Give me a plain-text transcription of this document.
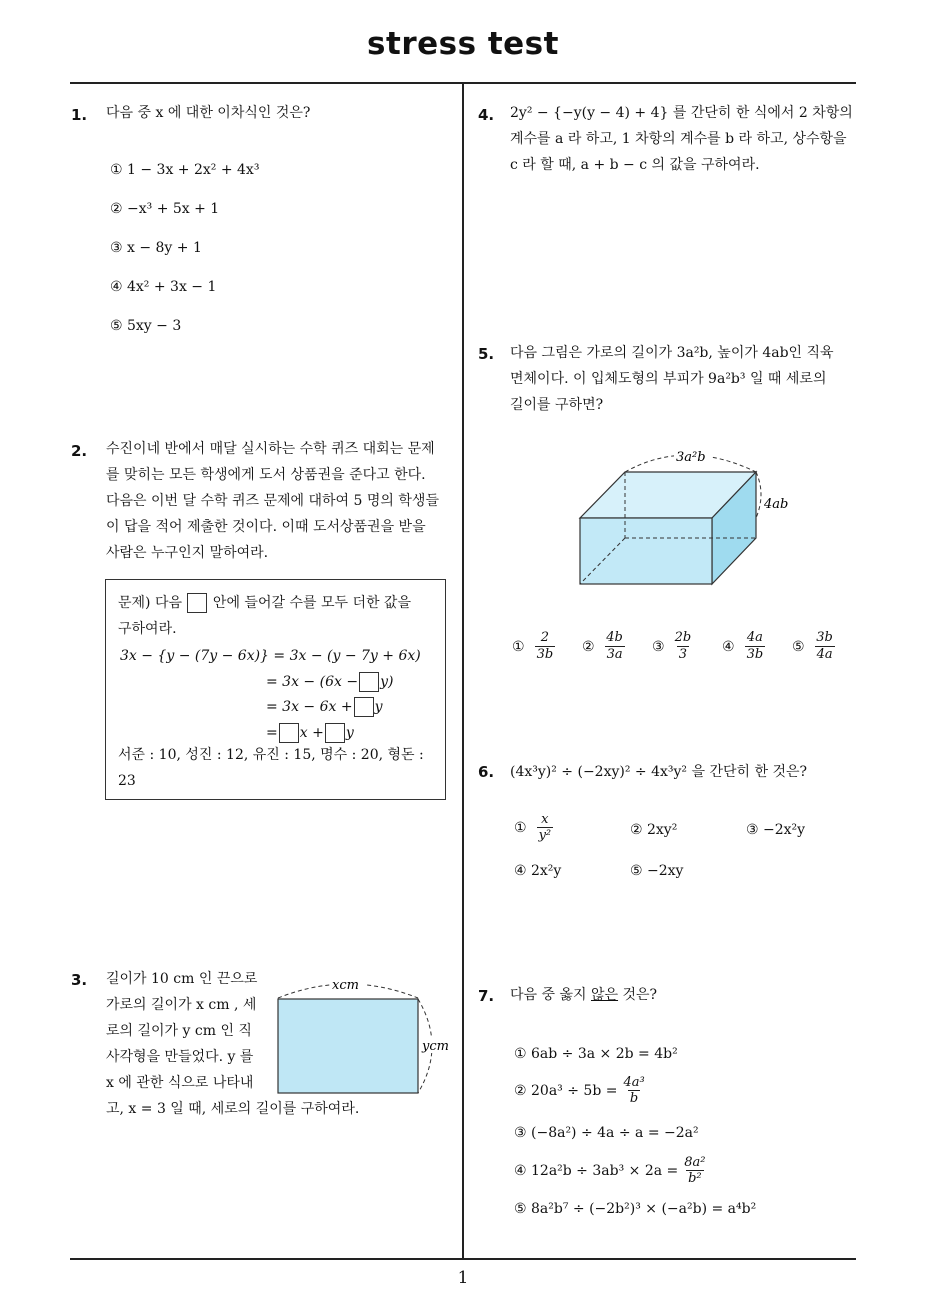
stress test
1
1. 다음 중 x 에 대한 이차식인 것은?
① 1 − 3x + 2x² + 4x³
② −x³ + 5x + 1
③ x − 8y + 1
④ 4x² + 3x − 1
⑤ 5xy − 3
2. 수진이네 반에서 매달 실시하는 수학 퀴즈 대회는 문제
를 맞히는 모든 학생에게 도서 상품권을 준다고 한다.
다음은 이번 달 수학 퀴즈 문제에 대하여 5 명의 학생들
이 답을 적어 제출한 것이다. 이때 도서상품권을 받을
사람은 누구인지 말하여라.
문제) 다음 안에 들어갈 수를 모두 더한 값을
구하여라.
3x − {y − (7y − 6x)} = 3x − (y − 7y + 6x)
= 3x − (6x − y)
= 3x − 6x + y
= x + y
서준 : 10, 성진 : 12, 유진 : 15, 명수 : 20, 형돈 :
23
3. 길이가 10 cm 인 끈으로
가로의 길이가 x cm , 세
로의 길이가 y cm 인 직
사각형을 만들었다. y 를
x 에 관한 식으로 나타내
고, x = 3 일 때, 세로의 길이를 구하여라.
xcm
ycm
4. 2y² − {−y(y − 4) + 4} 를 간단히 한 식에서 2 차항의
계수를 a 라 하고, 1 차항의 계수를 b 라 하고, 상수항을
c 라 할 때, a + b − c 의 값을 구하여라.
5. 다음 그림은 가로의 길이가 3a²b, 높이가 4ab인 직육
면체이다. 이 입체도형의 부피가 9a²b³ 일 때 세로의
길이를 구하면?
3a²b
4ab
① $\frac{2}{3b}$ ② $\frac{4b}{3a}$ ③ $\frac{2b}{3}$ ④ $\frac{4a}{3b}$ ⑤ $\frac{3b}{4a}$
6. (4x³y)² ÷ (−2xy)² ÷ 4x³y² 을 간단히 한 것은?
① $\frac{x}{\text{y²}}$	② 2xy²	③ −2x²y
④ 2x²y	⑤ −2xy
7. 다음 중 옳지 않은 것은?
① 6ab ÷ 3a × 2b = 4b²
② $20a^3 \div 5b = \frac{\text{4a³}}{b}$
③ (−8a²) ÷ 4a ÷ a = −2a²
④ $12a^2b \div 3ab^3 \times 2a = \frac{\text{8a²}}{\text{b²}}$
⑤ 8a²b⁷ ÷ (−2b²)³ × (−a²b) = a⁴b²
